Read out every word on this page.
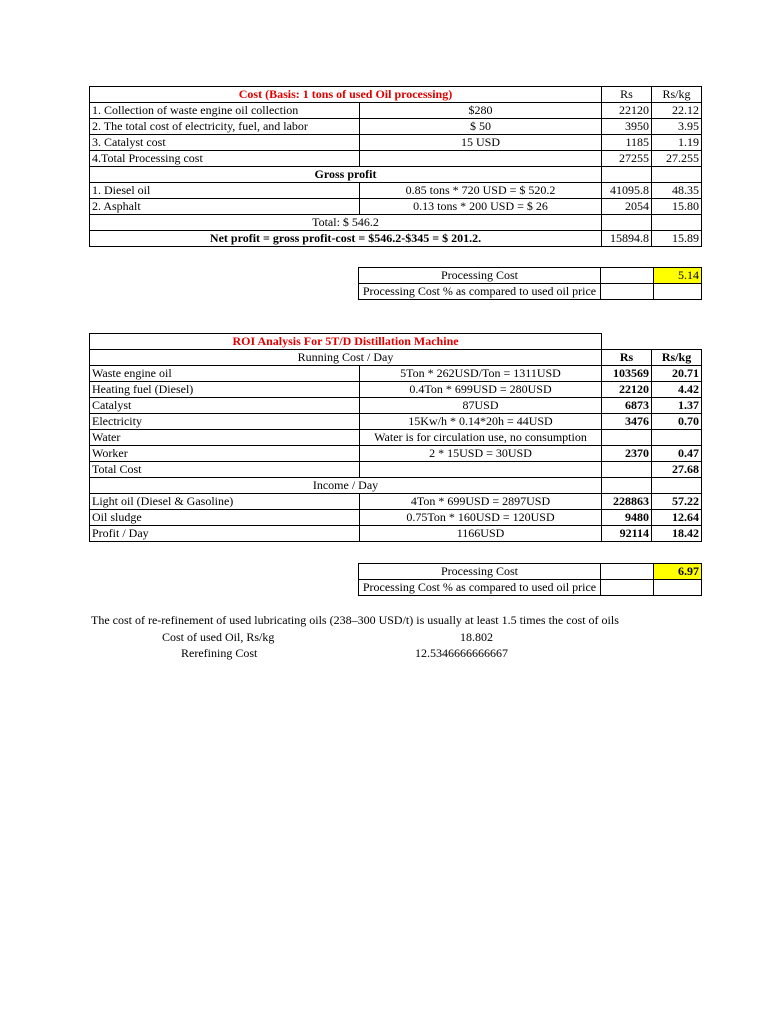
Cost (Basis: 1 tons of used Oil processing)		Rs	Rs/kg
1. Collection of waste engine oil collection	$280	22120	22.12
2. The total cost of electricity, fuel, and labor	$ 50	3950	3.95
3. Catalyst cost	15 USD	1185	1.19
4.Total Processing cost		27255	27.255
Gross profit			
1. Diesel oil	0.85 tons * 720 USD = $ 520.2	41095.8	48.35
2. Asphalt	0.13 tons * 200 USD = $ 26	2054	15.80
Total: $ 546.2			
Net profit = gross profit-cost = $546.2-$345 = $ 201.2.		15894.8	15.89
Processing Cost		5.14
Processing Cost % as compared to used oil price		
ROI Analysis For 5T/D Distillation Machine			
Running Cost / Day		Rs	Rs/kg
Waste engine oil	5Ton * 262USD/Ton = 1311USD	103569	20.71
Heating fuel (Diesel)	0.4Ton * 699USD = 280USD	22120	4.42
Catalyst	87USD	6873	1.37
Electricity	15Kw/h * 0.14*20h = 44USD	3476	0.70
Water	Water is for circulation use, no consumption		
Worker	2 * 15USD = 30USD	2370	0.47
Total Cost			27.68
Income / Day			
Light oil (Diesel & Gasoline)	4Ton * 699USD = 2897USD	228863	57.22
Oil sludge	0.75Ton * 160USD = 120USD	9480	12.64
Profit / Day	1166USD	92114	18.42
Processing Cost		6.97
Processing Cost % as compared to used oil price		
The cost of re-refinement of used lubricating oils (238–300 USD/t) is usually at least 1.5 times the cost of oils
Cost of used Oil, Rs/kg	18.802
Rerefining Cost	12.5346666666667
